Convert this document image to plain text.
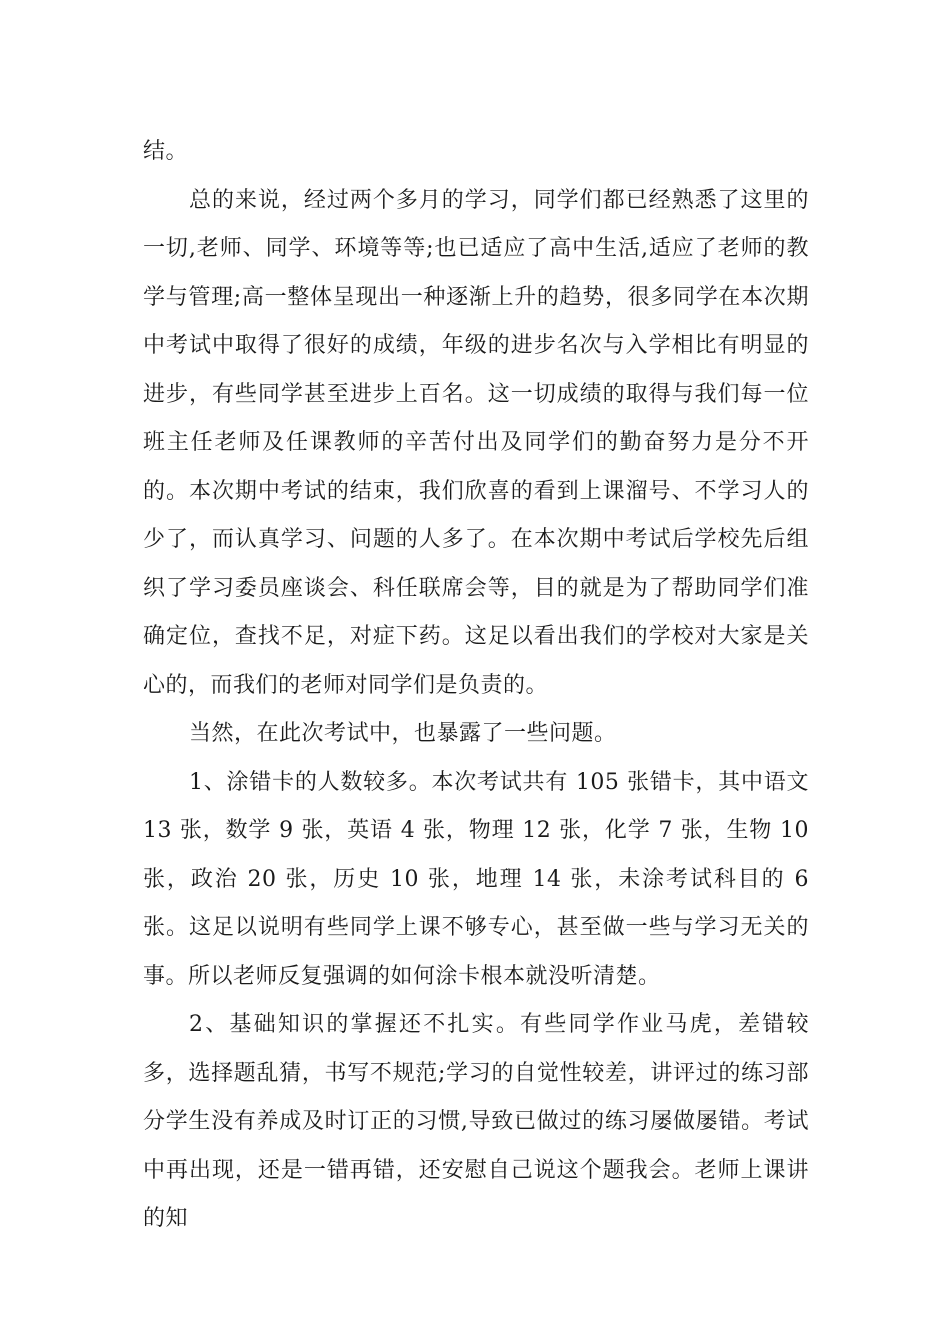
结。

总的来说，经过两个多月的学习，同学们都已经熟悉了这里的一切,老师、同学、环境等等;也已适应了高中生活,适应了老师的教学与管理;高一整体呈现出一种逐渐上升的趋势，很多同学在本次期中考试中取得了很好的成绩，年级的进步名次与入学相比有明显的进步，有些同学甚至进步上百名。这一切成绩的取得与我们每一位班主任老师及任课教师的辛苦付出及同学们的勤奋努力是分不开的。本次期中考试的结束，我们欣喜的看到上课溜号、不学习人的少了，而认真学习、问题的人多了。在本次期中考试后学校先后组织了学习委员座谈会、科任联席会等，目的就是为了帮助同学们准确定位，查找不足，对症下药。这足以看出我们的学校对大家是关心的，而我们的老师对同学们是负责的。

当然，在此次考试中，也暴露了一些问题。

1、涂错卡的人数较多。本次考试共有 105 张错卡，其中语文 13 张，数学 9 张，英语 4 张，物理 12 张，化学 7 张，生物 10 张，政治 20 张，历史 10 张，地理 14 张，未涂考试科目的 6 张。这足以说明有些同学上课不够专心，甚至做一些与学习无关的事。所以老师反复强调的如何涂卡根本就没听清楚。

2、基础知识的掌握还不扎实。有些同学作业马虎，差错较多，选择题乱猜，书写不规范;学习的自觉性较差，讲评过的练习部分学生没有养成及时订正的习惯,导致已做过的练习屡做屡错。考试中再出现，还是一错再错，还安慰自己说这个题我会。老师上课讲的知
